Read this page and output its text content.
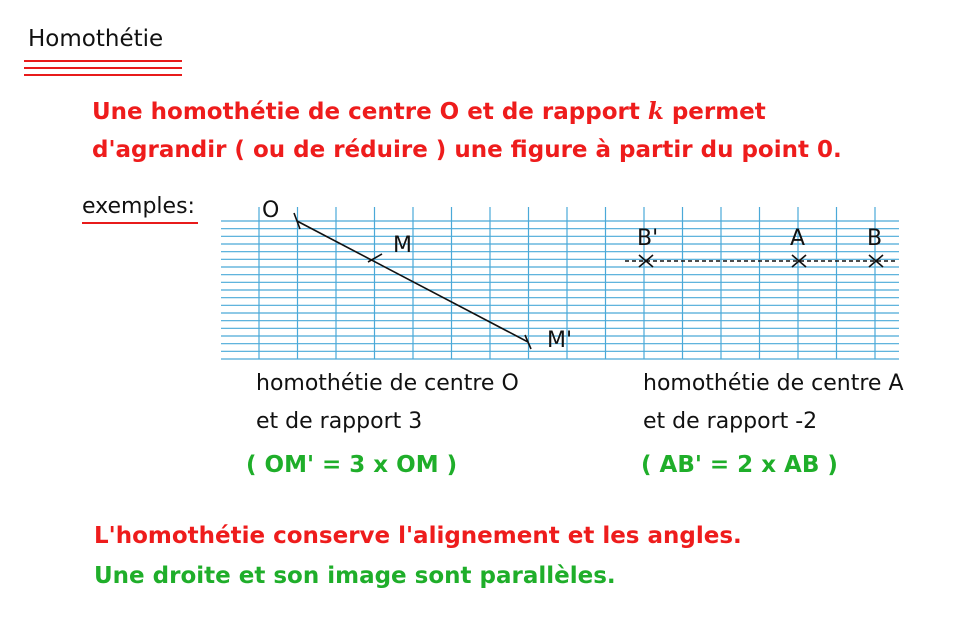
Homothétie
Une homothétie de centre O et de rapport k permet
d'agrandir ( ou de réduire ) une figure à partir du point 0.
exemples:	O
M
M'
B'	A	B
homothétie de centre O
et de rapport 3
( OM' = 3 x OM )
homothétie de centre A
et de rapport -2
( AB' = 2 x AB )
L'homothétie conserve l'alignement et les angles.
Une droite et son image sont parallèles.
